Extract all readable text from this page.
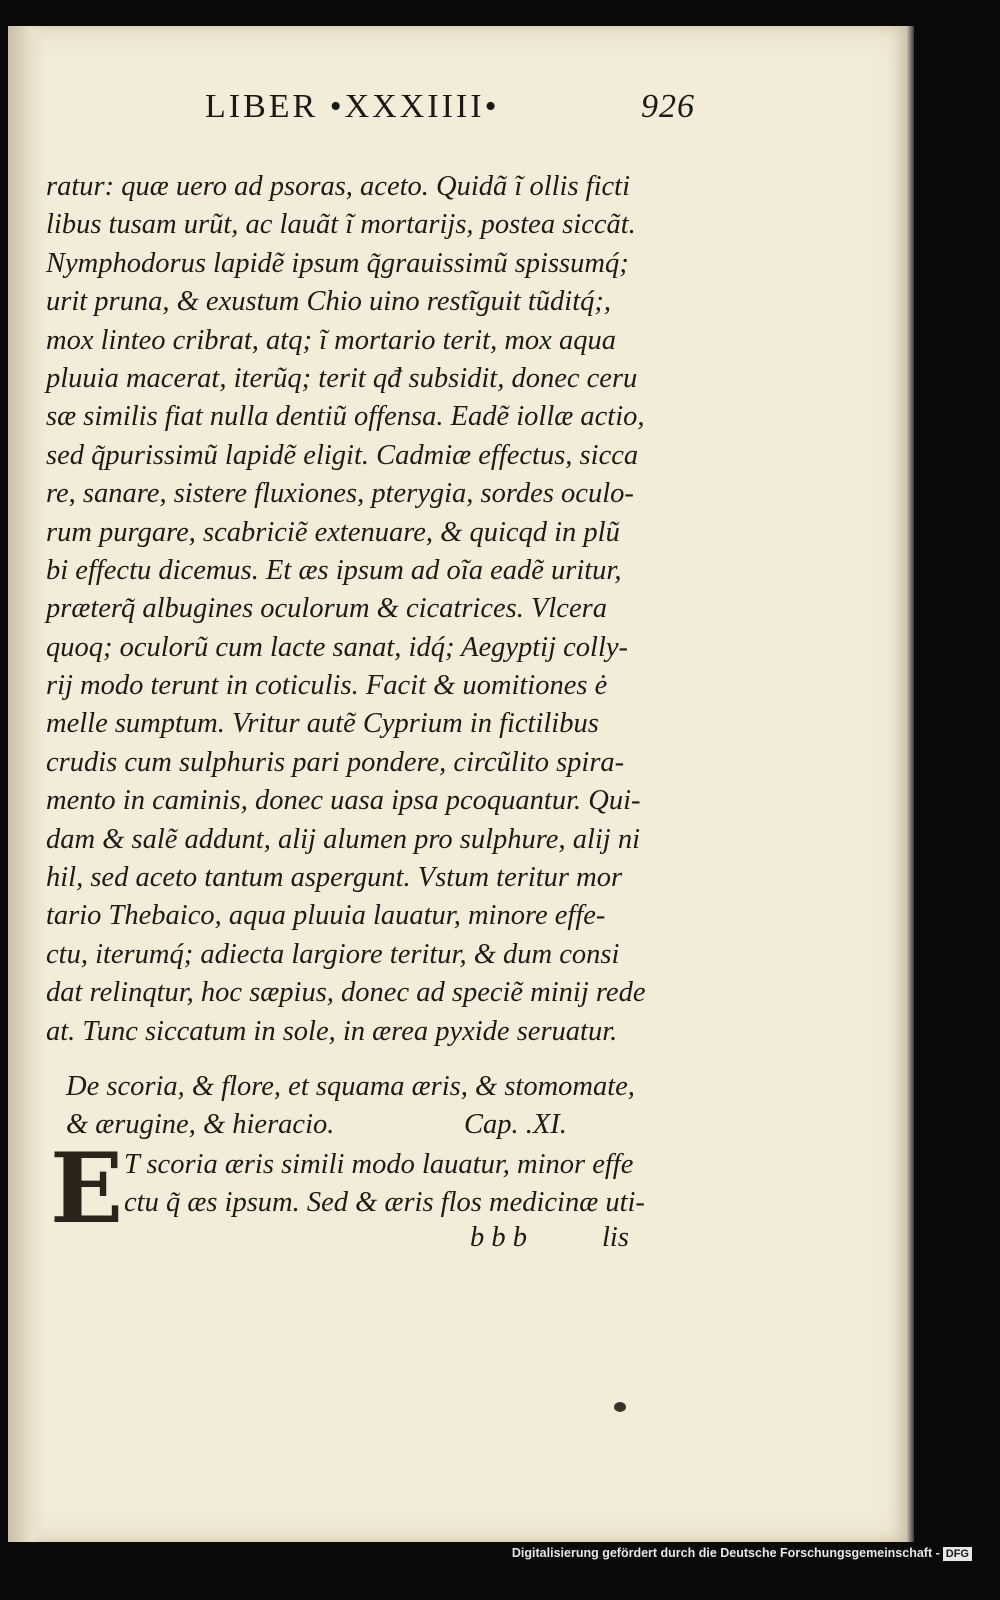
LIBER •XXXIIII•	926
ratur: quæ uero ad psoras, aceto. Quidã ĩ ollis ficti
libus tusam urũt, ac lauãt ĩ mortarijs, postea siccãt.
Nymphodorus lapidẽ ipsum q̃grauissimũ spissumq́;
urit pruna, & exustum Chio uino restĩguit tũditq́;,
mox linteo cribrat, atq; ĩ mortario terit, mox aqua
pluuia macerat, iterũq; terit qđ subsidit, donec ceru
sæ similis fiat nulla dentiũ offensa. Eadẽ iollæ actio,
sed q̃purissimũ lapidẽ eligit. Cadmiæ effectus, sicca
re, sanare, sistere fluxiones, pterygia, sordes oculo-
rum purgare, scabriciẽ extenuare, & quicqd in plũ
bi effectu dicemus. Et æs ipsum ad oĩa eadẽ uritur,
præterq̃ albugines oculorum & cicatrices. Vlcera
quoq; oculorũ cum lacte sanat, idq́; Aegyptij colly-
rij modo terunt in coticulis. Facit & uomitiones ė
melle sumptum. Vritur autẽ Cyprium in fictilibus
crudis cum sulphuris pari pondere, circũlito spira-
mento in caminis, donec uasa ipsa pcoquantur. Qui-
dam & salẽ addunt, alij alumen pro sulphure, alij ni
hil, sed aceto tantum aspergunt. Vstum teritur mor
tario Thebaico, aqua pluuia lauatur, minore effe-
ctu, iterumq́; adiecta largiore teritur, & dum consi
dat relinqtur, hoc sæpius, donec ad speciẽ minij rede
at. Tunc siccatum in sole, in ærea pyxide seruatur.
De scoria, & flore, et squama æris, & stomomate,
& ærugine, & hieracio.	Cap. .XI.
E T scoria æris simili modo lauatur, minor effe
ctu q̃ æs ipsum. Sed & æris flos medicinæ uti-
b b b	lis
Digitalisierung gefördert durch die Deutsche Forschungsgemeinschaft - DFG
